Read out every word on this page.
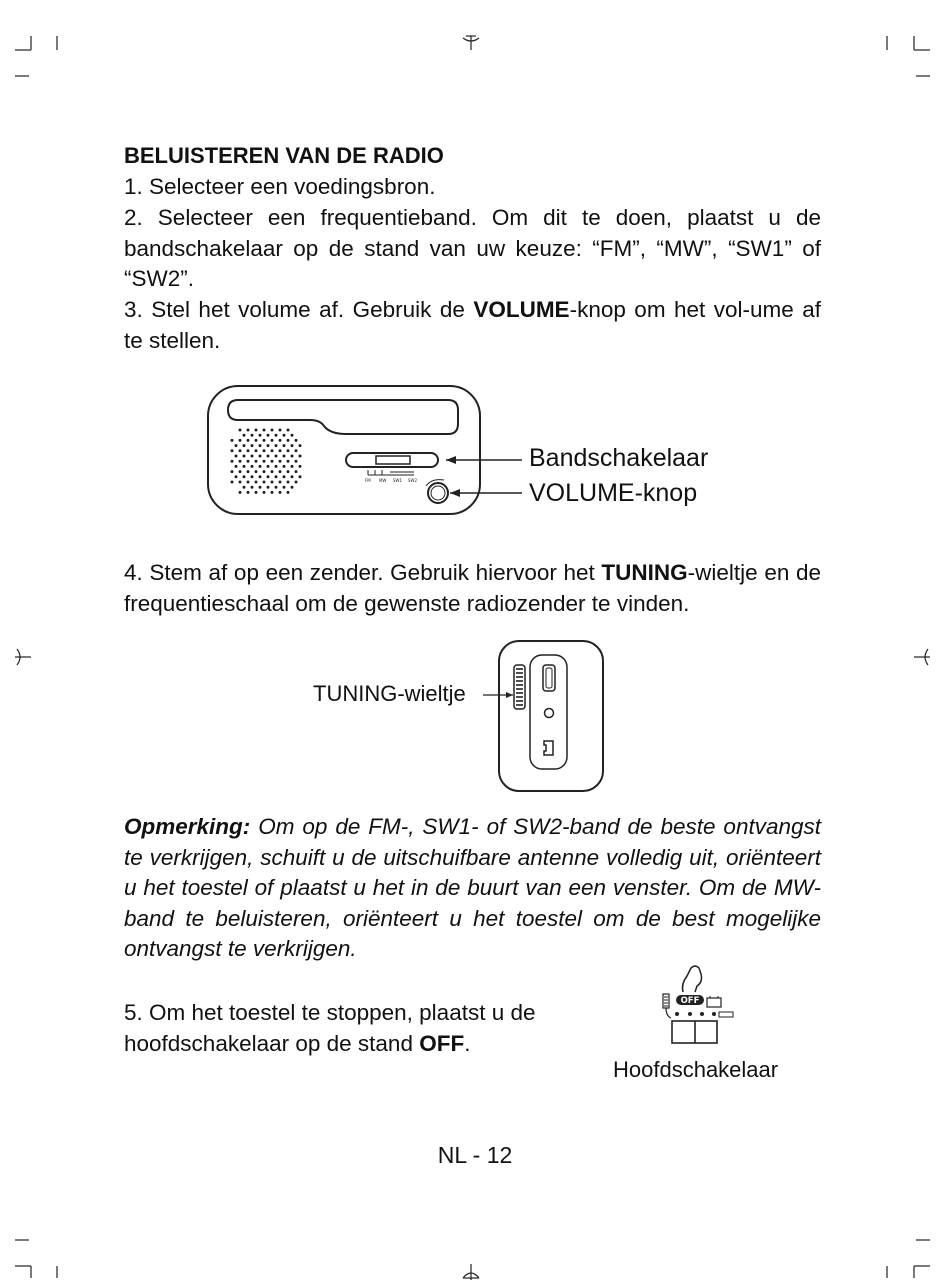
BELUISTEREN VAN DE RADIO
1. Selecteer een voedingsbron.
2. Selecteer een frequentieband. Om dit te doen, plaatst u de bandschakelaar op de stand van uw keuze: “FM”, “MW”, “SW1” of “SW2”.
3. Stel het volume af. Gebruik de VOLUME-knop om het vol-ume af te stellen.
FM MW SW1 SW2
Bandschakelaar
VOLUME-knop
4. Stem af op een zender. Gebruik hiervoor het TUNING-wieltje en de frequentieschaal om de gewenste radiozender te vinden.
TUNING-wieltje
Opmerking: Om op de FM-, SW1- of SW2-band de beste ontvangst te verkrijgen, schuift u de uitschuifbare antenne volledig uit, oriënteert u het toestel of plaatst u het in de buurt van een venster. Om de MW-band te beluisteren, oriënteert u het toestel om de best mogelijke ontvangst te verkrijgen.
5. Om het toestel te stoppen, plaatst u de hoofdschakelaar op de stand OFF.
OFF
Hoofdschakelaar
NL - 12
